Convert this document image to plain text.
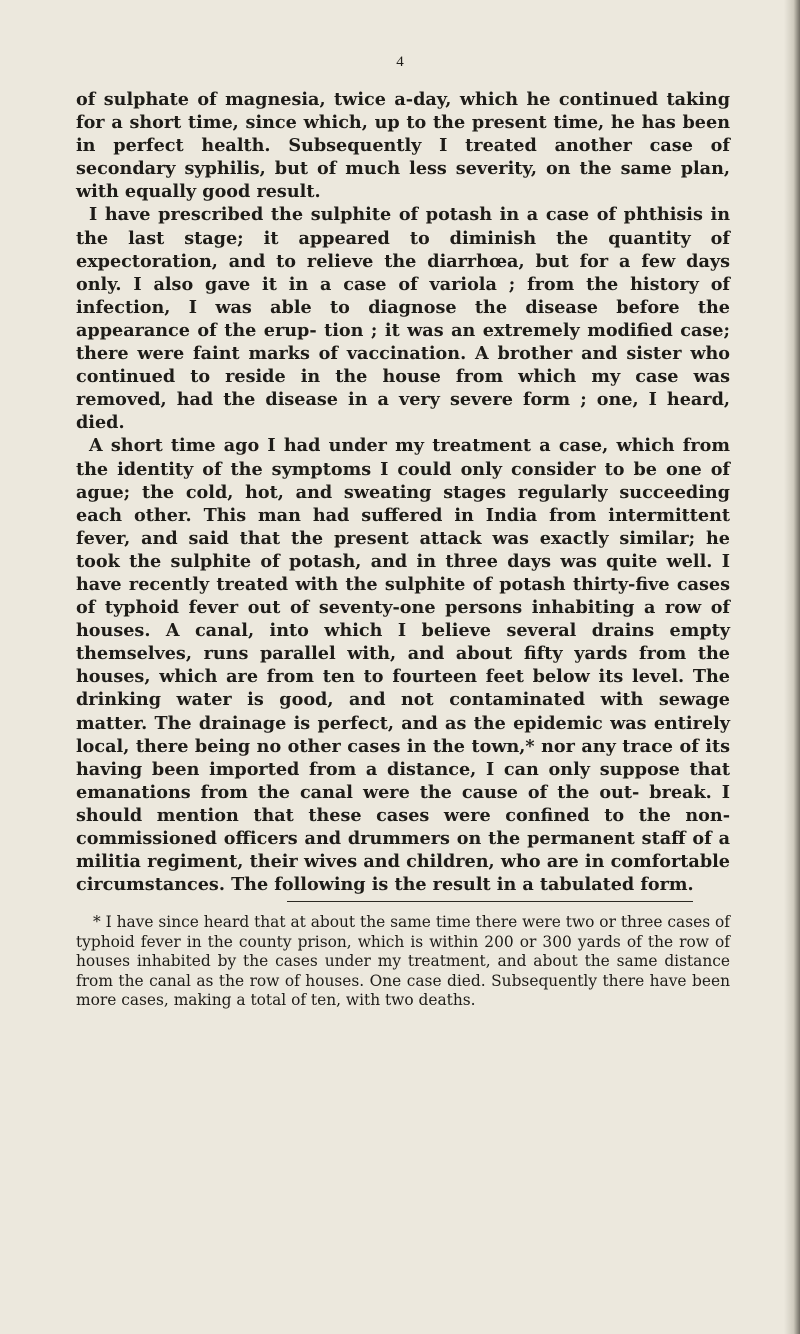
4

of sulphate of magnesia, twice a-day, which he continued taking for a short time, since which, up to the present time, he has been in perfect health. Subsequently I treated another case of secondary syphilis, but of much less severity, on the same plan, with equally good result.

I have prescribed the sulphite of potash in a case of phthisis in the last stage; it appeared to diminish the quantity of expectoration, and to relieve the diarrhœa, but for a few days only. I also gave it in a case of variola ; from the history of infection, I was able to diagnose the disease before the appearance of the erup- tion ; it was an extremely modified case; there were faint marks of vaccination. A brother and sister who continued to reside in the house from which my case was removed, had the disease in a very severe form ; one, I heard, died.

A short time ago I had under my treatment a case, which from the identity of the symptoms I could only consider to be one of ague; the cold, hot, and sweating stages regularly succeeding each other. This man had suffered in India from intermittent fever, and said that the present attack was exactly similar; he took the sulphite of potash, and in three days was quite well. I have recently treated with the sulphite of potash thirty-five cases of typhoid fever out of seventy-one persons inhabiting a row of houses. A canal, into which I believe several drains empty themselves, runs parallel with, and about fifty yards from the houses, which are from ten to fourteen feet below its level. The drinking water is good, and not contaminated with sewage matter. The drainage is perfect, and as the epidemic was entirely local, there being no other cases in the town,* nor any trace of its having been imported from a distance, I can only suppose that emanations from the canal were the cause of the out- break. I should mention that these cases were confined to the non- commissioned officers and drummers on the permanent staff of a militia regiment, their wives and children, who are in comfortable circumstances. The following is the result in a tabulated form.

* I have since heard that at about the same time there were two or three cases of typhoid fever in the county prison, which is within 200 or 300 yards of the row of houses inhabited by the cases under my treatment, and about the same distance from the canal as the row of houses. One case died. Subsequently there have been more cases, making a total of ten, with two deaths.
